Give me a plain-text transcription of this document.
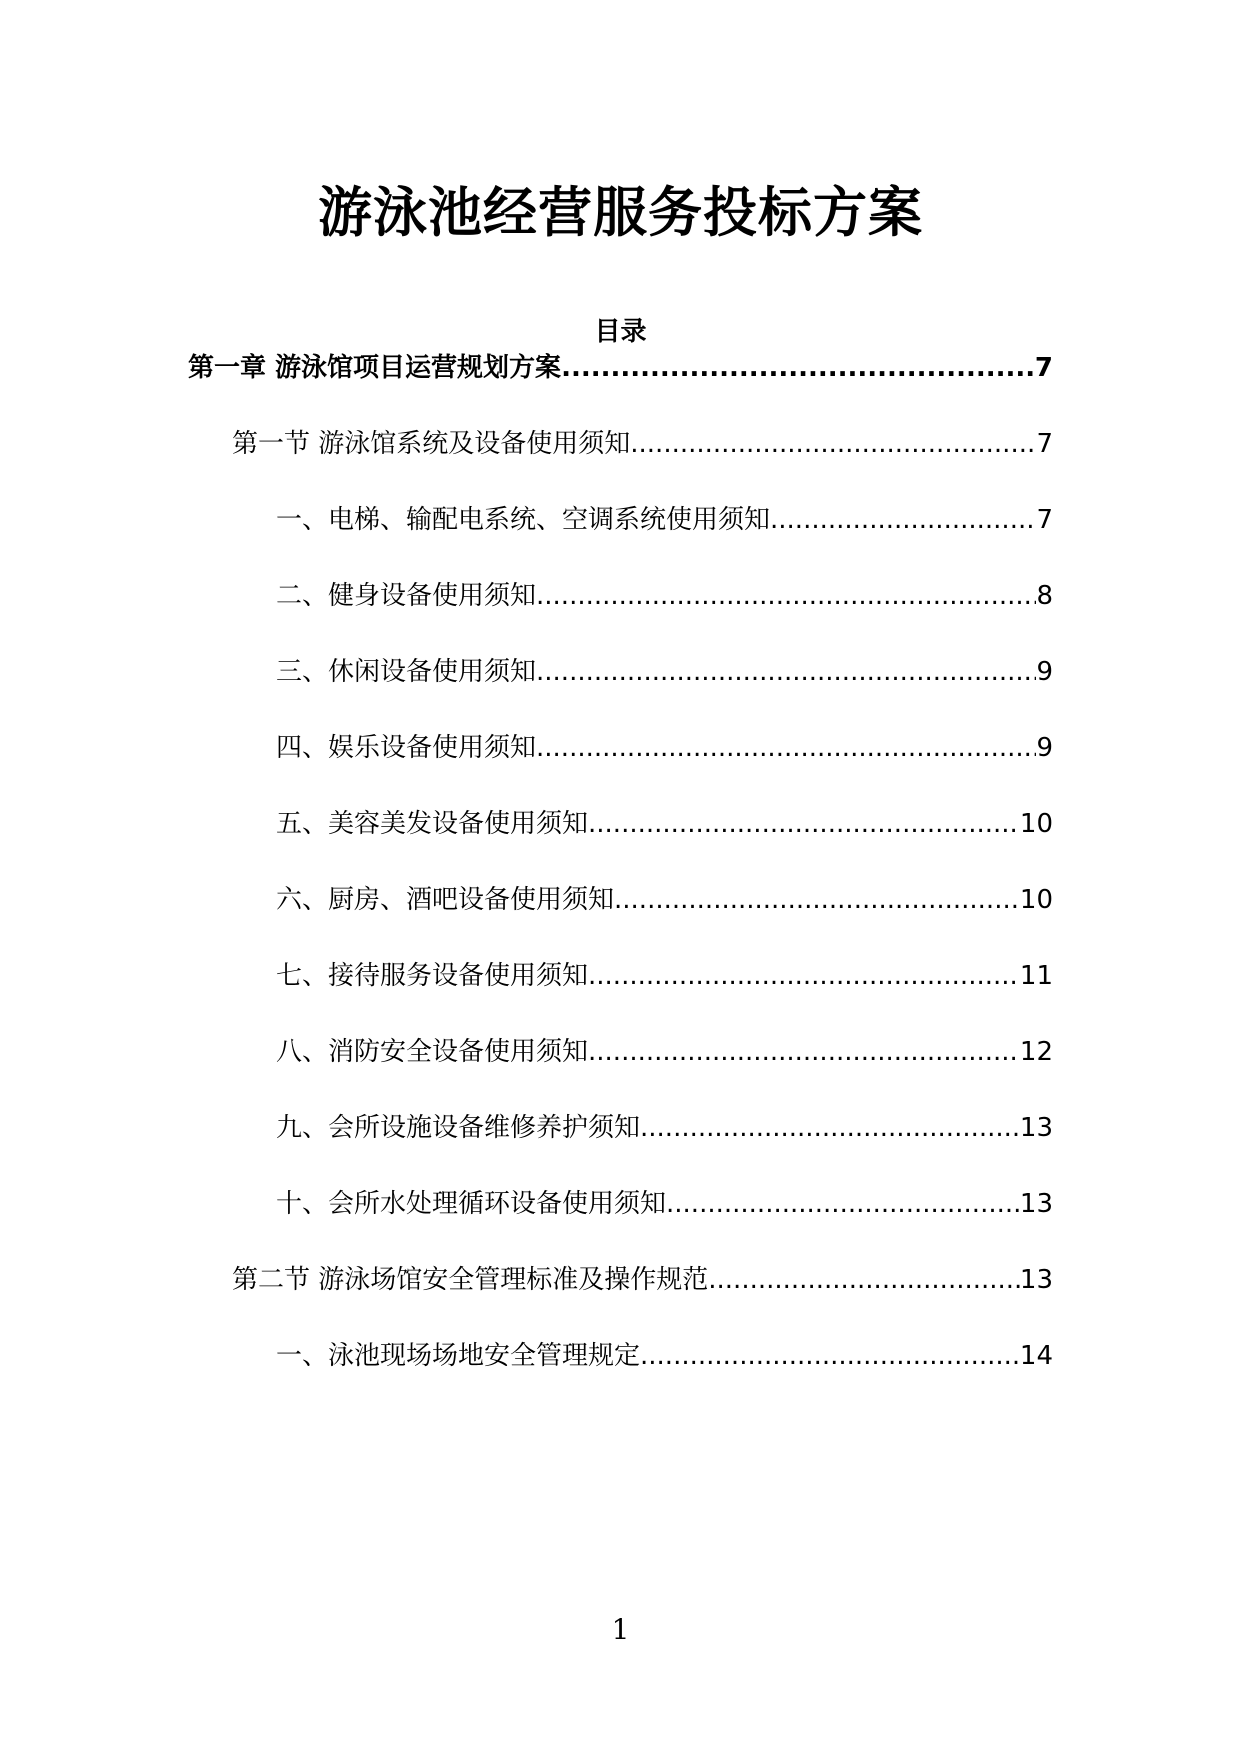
游泳池经营服务投标方案
目录
第一章 游泳馆项目运营规划方案 .....	7
第一节 游泳馆系统及设备使用须知 .....	7
一、电梯、输配电系统、空调系统使用须知 .....	7
二、健身设备使用须知 .....	8
三、休闲设备使用须知 .....	9
四、娱乐设备使用须知 .....	9
五、美容美发设备使用须知 .....	10
六、厨房、酒吧设备使用须知 .....	10
七、接待服务设备使用须知 .....	11
八、消防安全设备使用须知 .....	12
九、会所设施设备维修养护须知 .....	13
十、会所水处理循环设备使用须知 .....	13
第二节 游泳场馆安全管理标准及操作规范 .....	13
一、泳池现场场地安全管理规定 .....	14
1
